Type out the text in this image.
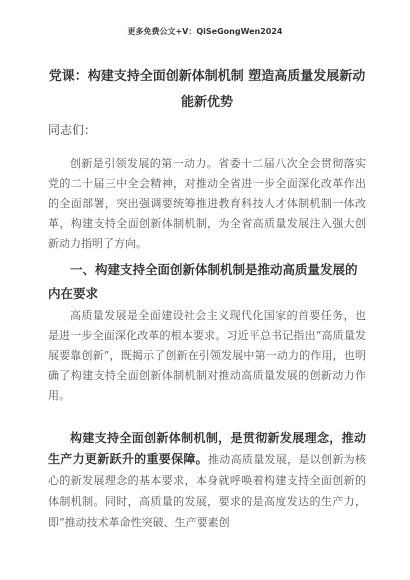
更多免费公文+V：QiSeGongWen2024
党课：构建支持全面创新体制机制 塑造高质量发展新动能新优势
同志们：
创新是引领发展的第一动力。省委十二届八次全会贯彻落实党的二十届三中全会精神，对推动全省进一步全面深化改革作出的全面部署，突出强调要统筹推进教育科技人才体制机制一体改革，构建支持全面创新体制机制，为全省高质量发展注入强大创新动力指明了方向。
一、构建支持全面创新体制机制是推动高质量发展的内在要求
高质量发展是全面建设社会主义现代化国家的首要任务，也是进一步全面深化改革的根本要求。习近平总书记指出“高质量发展要靠创新”，既揭示了创新在引领发展中第一动力的作用，也明确了构建支持全面创新体制机制对推动高质量发展的创新动力作用。
构建支持全面创新体制机制，是贯彻新发展理念，推动生产力更新跃升的重要保障。推动高质量发展，是以创新为核心的新发展理念的基本要求，本身就呼唤着构建支持全面创新的体制机制。同时，高质量的发展，要求的是高度发达的生产力，即“推动技术革命性突破、生产要素创
